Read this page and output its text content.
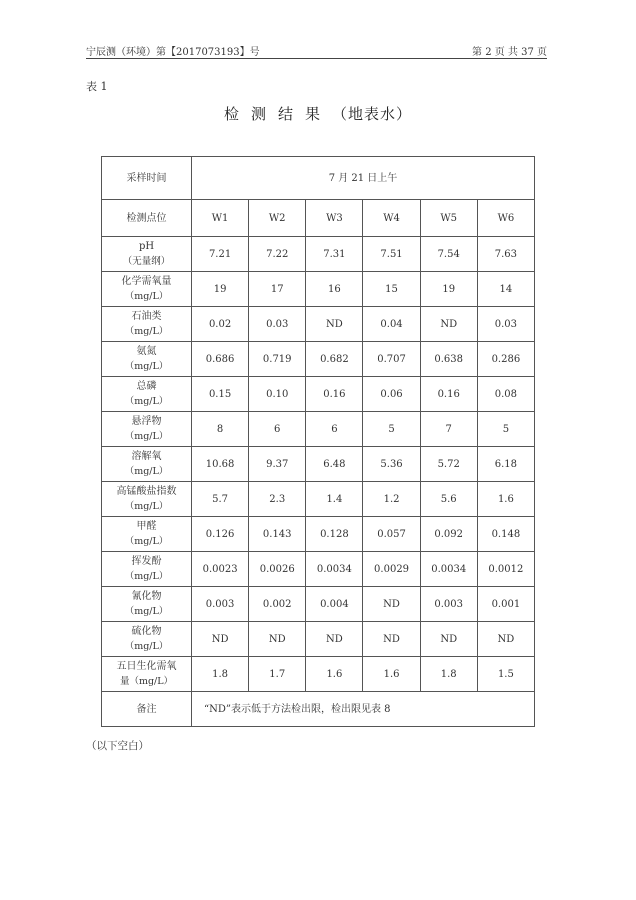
宁辰测（环境）第【2017073193】号	第 2 页 共 37 页
表 1
检测结果（地表水）
采样时间	7 月 21 日上午					
检测点位	W1	W2	W3	W4	W5	W6
pH
（无量纲）	7.21	7.22	7.31	7.51	7.54	7.63
化学需氧量
（mg/L）	19	17	16	15	19	14
石油类
（mg/L）	0.02	0.03	ND	0.04	ND	0.03
氨氮
（mg/L）	0.686	0.719	0.682	0.707	0.638	0.286
总磷
（mg/L）	0.15	0.10	0.16	0.06	0.16	0.08
悬浮物
（mg/L）	8	6	6	5	7	5
溶解氧
（mg/L）	10.68	9.37	6.48	5.36	5.72	6.18
高锰酸盐指数
（mg/L）	5.7	2.3	1.4	1.2	5.6	1.6
甲醛
（mg/L）	0.126	0.143	0.128	0.057	0.092	0.148
挥发酚
（mg/L）	0.0023	0.0026	0.0034	0.0029	0.0034	0.0012
氰化物
（mg/L）	0.003	0.002	0.004	ND	0.003	0.001
硫化物
（mg/L）	ND	ND	ND	ND	ND	ND
五日生化需氧
量（mg/L）	1.8	1.7	1.6	1.6	1.8	1.5
备注	“ND”表示低于方法检出限，检出限见表 8					
（以下空白）
